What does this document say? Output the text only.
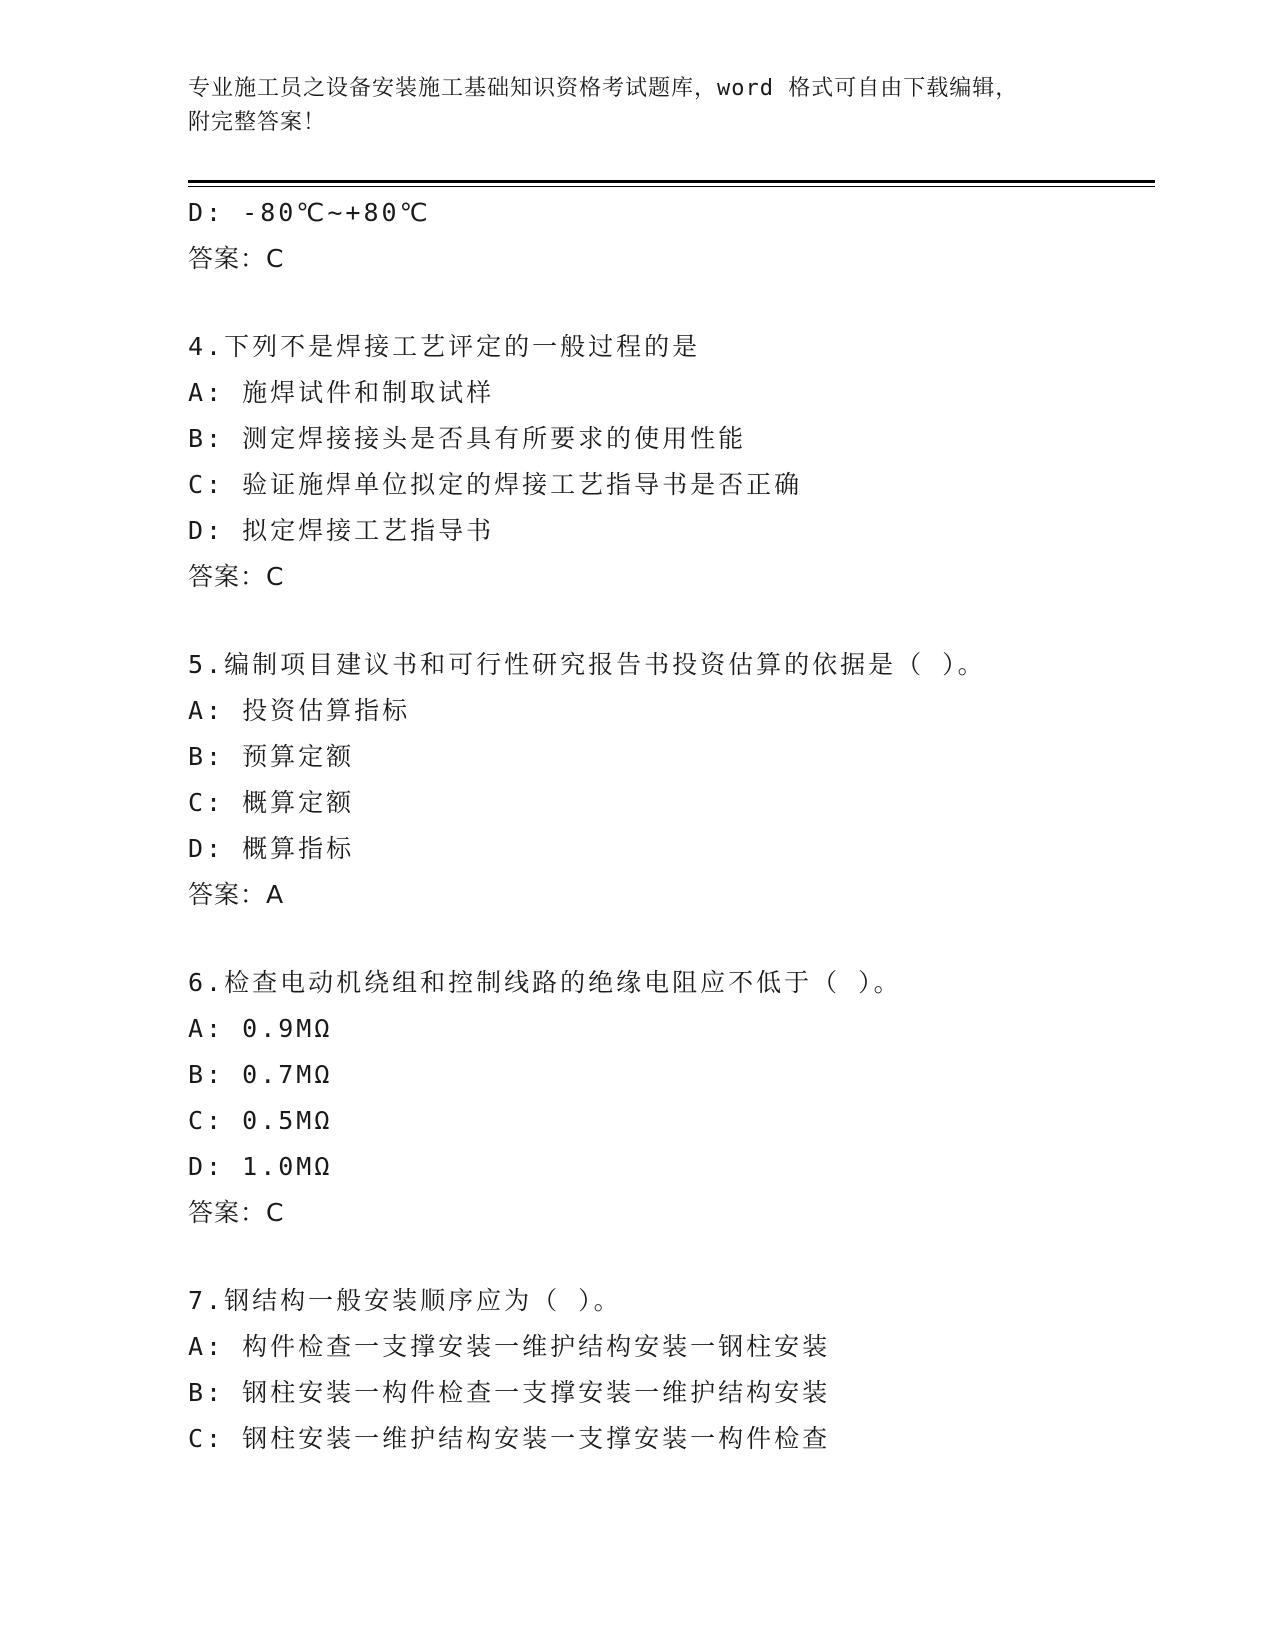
专业施工员之设备安装施工基础知识资格考试题库，word 格式可自由下载编辑，
附完整答案！
D: -80℃~+80℃
答案：C
4.下列不是焊接工艺评定的一般过程的是
A: 施焊试件和制取试样
B: 测定焊接接头是否具有所要求的使用性能
C: 验证施焊单位拟定的焊接工艺指导书是否正确
D: 拟定焊接工艺指导书
答案：C
5.编制项目建议书和可行性研究报告书投资估算的依据是（ ）。
A: 投资估算指标
B: 预算定额
C: 概算定额
D: 概算指标
答案：A
6.检查电动机绕组和控制线路的绝缘电阻应不低于（ ）。
A: 0.9MΩ
B: 0.7MΩ
C: 0.5MΩ
D: 1.0MΩ
答案：C
7.钢结构一般安装顺序应为（ ）。
A: 构件检查一支撑安装一维护结构安装一钢柱安装
B: 钢柱安装一构件检查一支撑安装一维护结构安装
C: 钢柱安装一维护结构安装一支撑安装一构件检查
